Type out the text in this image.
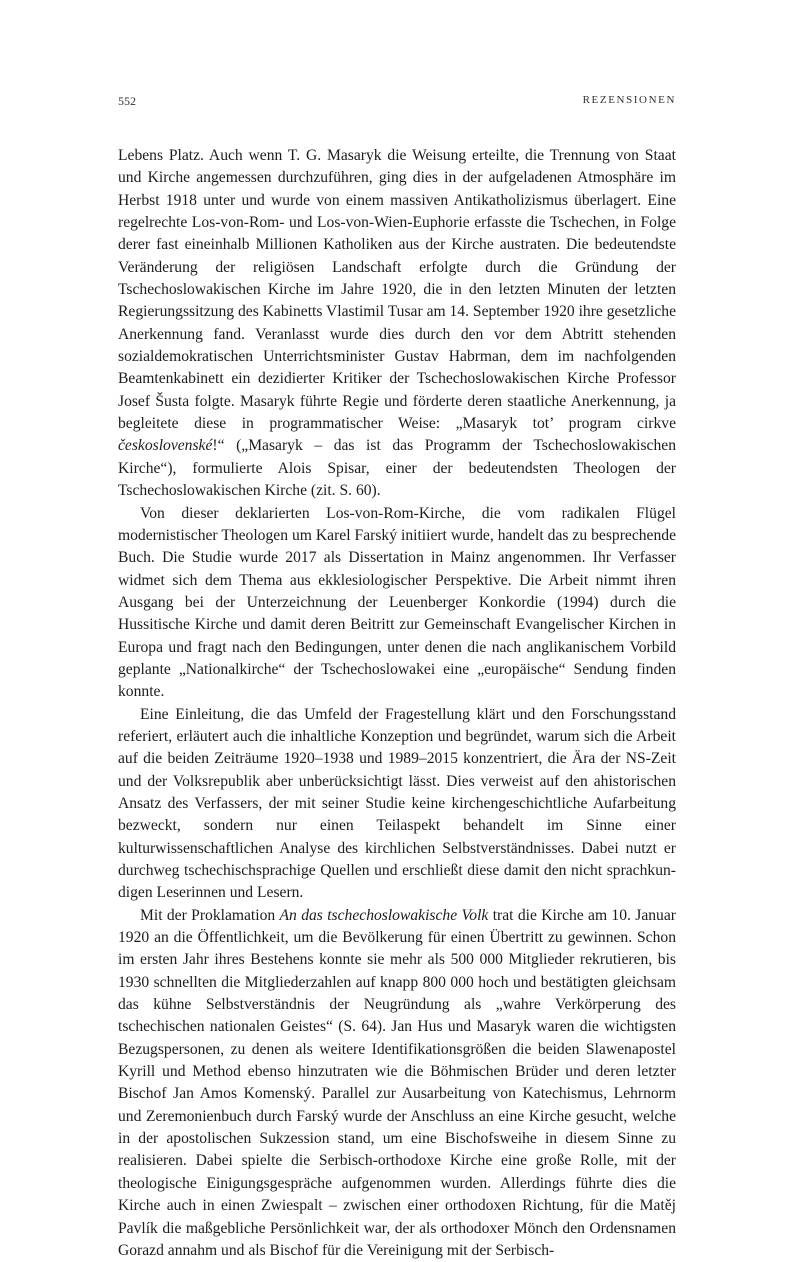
552	REZENSIONEN

Lebens Platz. Auch wenn T. G. Masaryk die Weisung erteilte, die Trennung von Staat und Kirche angemessen durchzuführen, ging dies in der aufgeladenen Atmosphäre im Herbst 1918 unter und wurde von einem massiven Antikatholizismus überlagert. Eine regelrechte Los-von-Rom- und Los-von-Wien-Euphorie erfasste die Tschechen, in Folge derer fast eineinhalb Millionen Katholiken aus der Kirche austraten. Die bedeutendste Veränderung der religiösen Landschaft erfolgte durch die Gründung der Tschechoslowakischen Kirche im Jahre 1920, die in den letzten Minuten der letzten Regierungssitzung des Kabinetts Vlastimil Tusar am 14. September 1920 ihre gesetzliche Anerkennung fand. Veranlasst wurde dies durch den vor dem Abtritt stehenden sozialdemokratischen Unterrichtsminister Gustav Habrman, dem im nachfolgenden Beamtenkabinett ein dezidierter Kritiker der Tschechoslowakischen Kirche Professor Josef Šusta folgte. Masaryk führte Regie und förderte deren staatliche Anerkennung, ja begleitete diese in programmatischer Weise: „Masaryk tot’ program cirkve československé!“ („Masaryk – das ist das Programm der Tschechoslowakischen Kirche“), formulierte Alois Spisar, einer der bedeutendsten Theologen der Tschechoslowakischen Kirche (zit. S. 60).

Von dieser deklarierten Los-von-Rom-Kirche, die vom radikalen Flügel modernistischer Theologen um Karel Farský initiiert wurde, handelt das zu besprechende Buch. Die Studie wurde 2017 als Dissertation in Mainz angenommen. Ihr Verfasser widmet sich dem Thema aus ekklesiologischer Perspektive. Die Arbeit nimmt ihren Ausgang bei der Unterzeichnung der Leuenberger Konkordie (1994) durch die Hussitische Kirche und damit deren Beitritt zur Gemeinschaft Evangelischer Kirchen in Europa und fragt nach den Bedingungen, unter denen die nach anglikanischem Vorbild geplante „Nationalkirche“ der Tschechoslowakei eine „europäische“ Sendung finden konnte.

Eine Einleitung, die das Umfeld der Fragestellung klärt und den Forschungsstand referiert, erläutert auch die inhaltliche Konzeption und begründet, warum sich die Arbeit auf die beiden Zeiträume 1920–1938 und 1989–2015 konzentriert, die Ära der NS-Zeit und der Volksrepublik aber unberücksichtigt lässt. Dies verweist auf den ahistorischen Ansatz des Verfassers, der mit seiner Studie keine kirchengeschichtliche Aufarbeitung bezweckt, sondern nur einen Teilaspekt behandelt im Sinne einer kulturwissenschaftlichen Analyse des kirchlichen Selbstverständnisses. Dabei nutzt er durchweg tschechischsprachige Quellen und erschließt diese damit den nicht sprachkundigen Leserinnen und Lesern.

Mit der Proklamation An das tschechoslowakische Volk trat die Kirche am 10. Januar 1920 an die Öffentlichkeit, um die Bevölkerung für einen Übertritt zu gewinnen. Schon im ersten Jahr ihres Bestehens konnte sie mehr als 500 000 Mitglieder rekrutieren, bis 1930 schnellten die Mitgliederzahlen auf knapp 800 000 hoch und bestätigten gleichsam das kühne Selbstverständnis der Neugründung als „wahre Verkörperung des tschechischen nationalen Geistes“ (S. 64). Jan Hus und Masaryk waren die wichtigsten Bezugspersonen, zu denen als weitere Identifikationsgrößen die beiden Slawenapostel Kyrill und Method ebenso hinzutraten wie die Böhmischen Brüder und deren letzter Bischof Jan Amos Komenský. Parallel zur Ausarbeitung von Katechismus, Lehrnorm und Zeremonienbuch durch Farský wurde der Anschluss an eine Kirche gesucht, welche in der apostolischen Sukzession stand, um eine Bischofsweihe in diesem Sinne zu realisieren. Dabei spielte die Serbisch-orthodoxe Kirche eine große Rolle, mit der theologische Einigungsgespräche aufgenommen wurden. Allerdings führte dies die Kirche auch in einen Zwiespalt – zwischen einer orthodoxen Richtung, für die Matěj Pavlík die maßgebliche Persönlichkeit war, der als orthodoxer Mönch den Ordensnamen Gorazd annahm und als Bischof für die Vereinigung mit der Serbisch-
